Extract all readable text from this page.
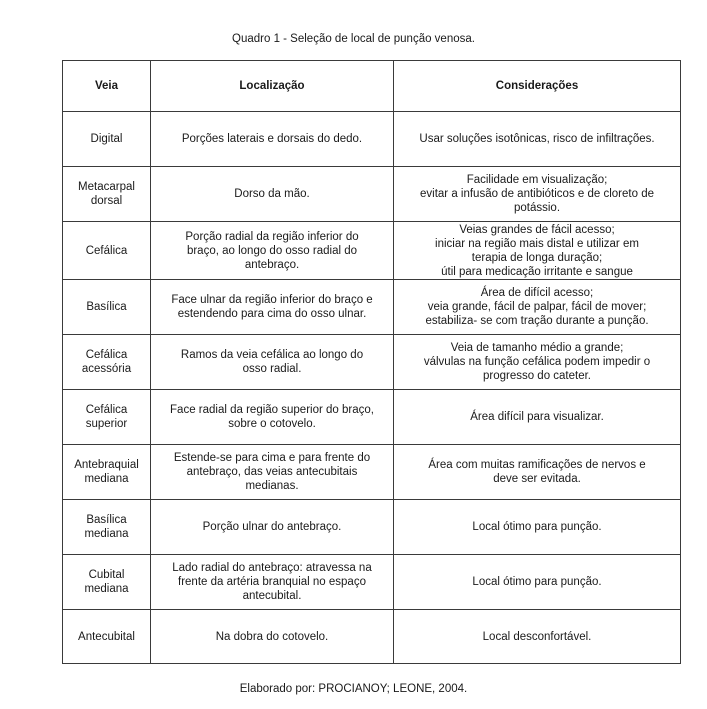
Quadro 1 - Seleção de local de punção venosa.
Veia	Localização	Considerações

Digital	Porções laterais e dorsais do dedo.	Usar soluções isotônicas, risco de infiltrações.

Metacarpal
dorsal	Dorso da mão.	Facilidade em visualização;
evitar a infusão de antibióticos e de cloreto de
potássio.

Cefálica	Porção radial da região inferior do
braço, ao longo do osso radial do
antebraço.	Veias grandes de fácil acesso;
iniciar na região mais distal e utilizar em
terapia de longa duração;
útil para medicação irritante e sangue

Basílica	Face ulnar da região inferior do braço e
estendendo para cima do osso ulnar.	Área de difícil acesso;
veia grande, fácil de palpar, fácil de mover;
estabiliza- se com tração durante a punção.

Cefálica
acessória	Ramos da veia cefálica ao longo do
osso radial.	Veia de tamanho médio a grande;
válvulas na função cefálica podem impedir o
progresso do cateter.

Cefálica
superior	Face radial da região superior do braço,
sobre o cotovelo.	Área difícil para visualizar.

Antebraquial
mediana	Estende-se para cima e para frente do
antebraço, das veias antecubitais
medianas.	Área com muitas ramificações de nervos e
deve ser evitada.

Basílica
mediana	Porção ulnar do antebraço.	Local ótimo para punção.

Cubital
mediana	Lado radial do antebraço: atravessa na
frente da artéria branquial no espaço
antecubital.	Local ótimo para punção.

Antecubital	Na dobra do cotovelo.	Local desconfortável.
Elaborado por: PROCIANOY; LEONE, 2004.
